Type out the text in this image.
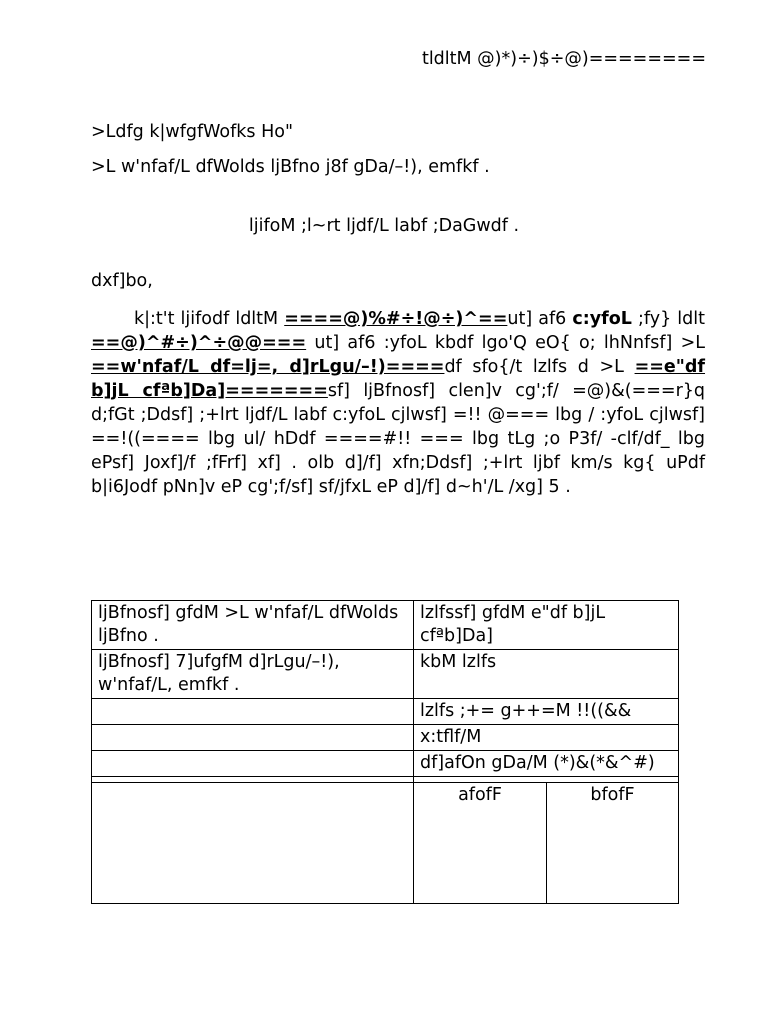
tldltM @)*)÷)$÷@)========
>Ldfg k|wfgfWofks Ho"
>L w'nfaf/L dfWolds ljBfno j8f gDa/–!), emfkf .
ljifoM ;l~rt ljdf/L labf ;DaGwdf .
dxf]bo,
k|:t't ljifodf ldltM ====@)%#÷!@÷)^==ut] af6 c:yfoL ;fy} ldlt ==@)^#÷)^÷@@=== ut] af6 :yfoL kbdf lgo'Q eO{ o; lhNnfsf] >L ==w'nfaf/L df=lj=, d]rLgu/–!)====df sfo{/t lzlfs d >L ==e"df b]jL cfªb]Da]=======sf] ljBfnosf] clen]v cg';f/ =@)&(===r}q d;fGt ;Ddsf] ;+lrt ljdf/L labf c:yfoL cjlwsf] =!! @=== lbg / :yfoL cjlwsf] ==!((==== lbg ul/ hDdf ====#!! === lbg tLg ;o P3f/ -clf/df_ lbg ePsf] Joxf]/f ;fFrf] xf] . olb d]/f] xfn;Ddsf] ;+lrt ljbf km/s kg{ uPdf b|i6Jodf pNn]v eP cg';f/sf] sf/jfxL eP d]/f] d~h'/L /xg] 5 .
ljBfnosf] gfdM >L w'nfaf/L dfWolds ljBfno .	lzlfssf] gfdM e"df b]jL cfªb]Da]	
ljBfnosf] 7]ufgfM d]rLgu/–!), w'nfaf/L, emfkf .	kbM lzlfs	
	lzlfs ;+= g++=M !!((&&	
	x:tflf/M	
	df]afOn gDa/M (*)&(*&^#)	

	afofF	bfofF
